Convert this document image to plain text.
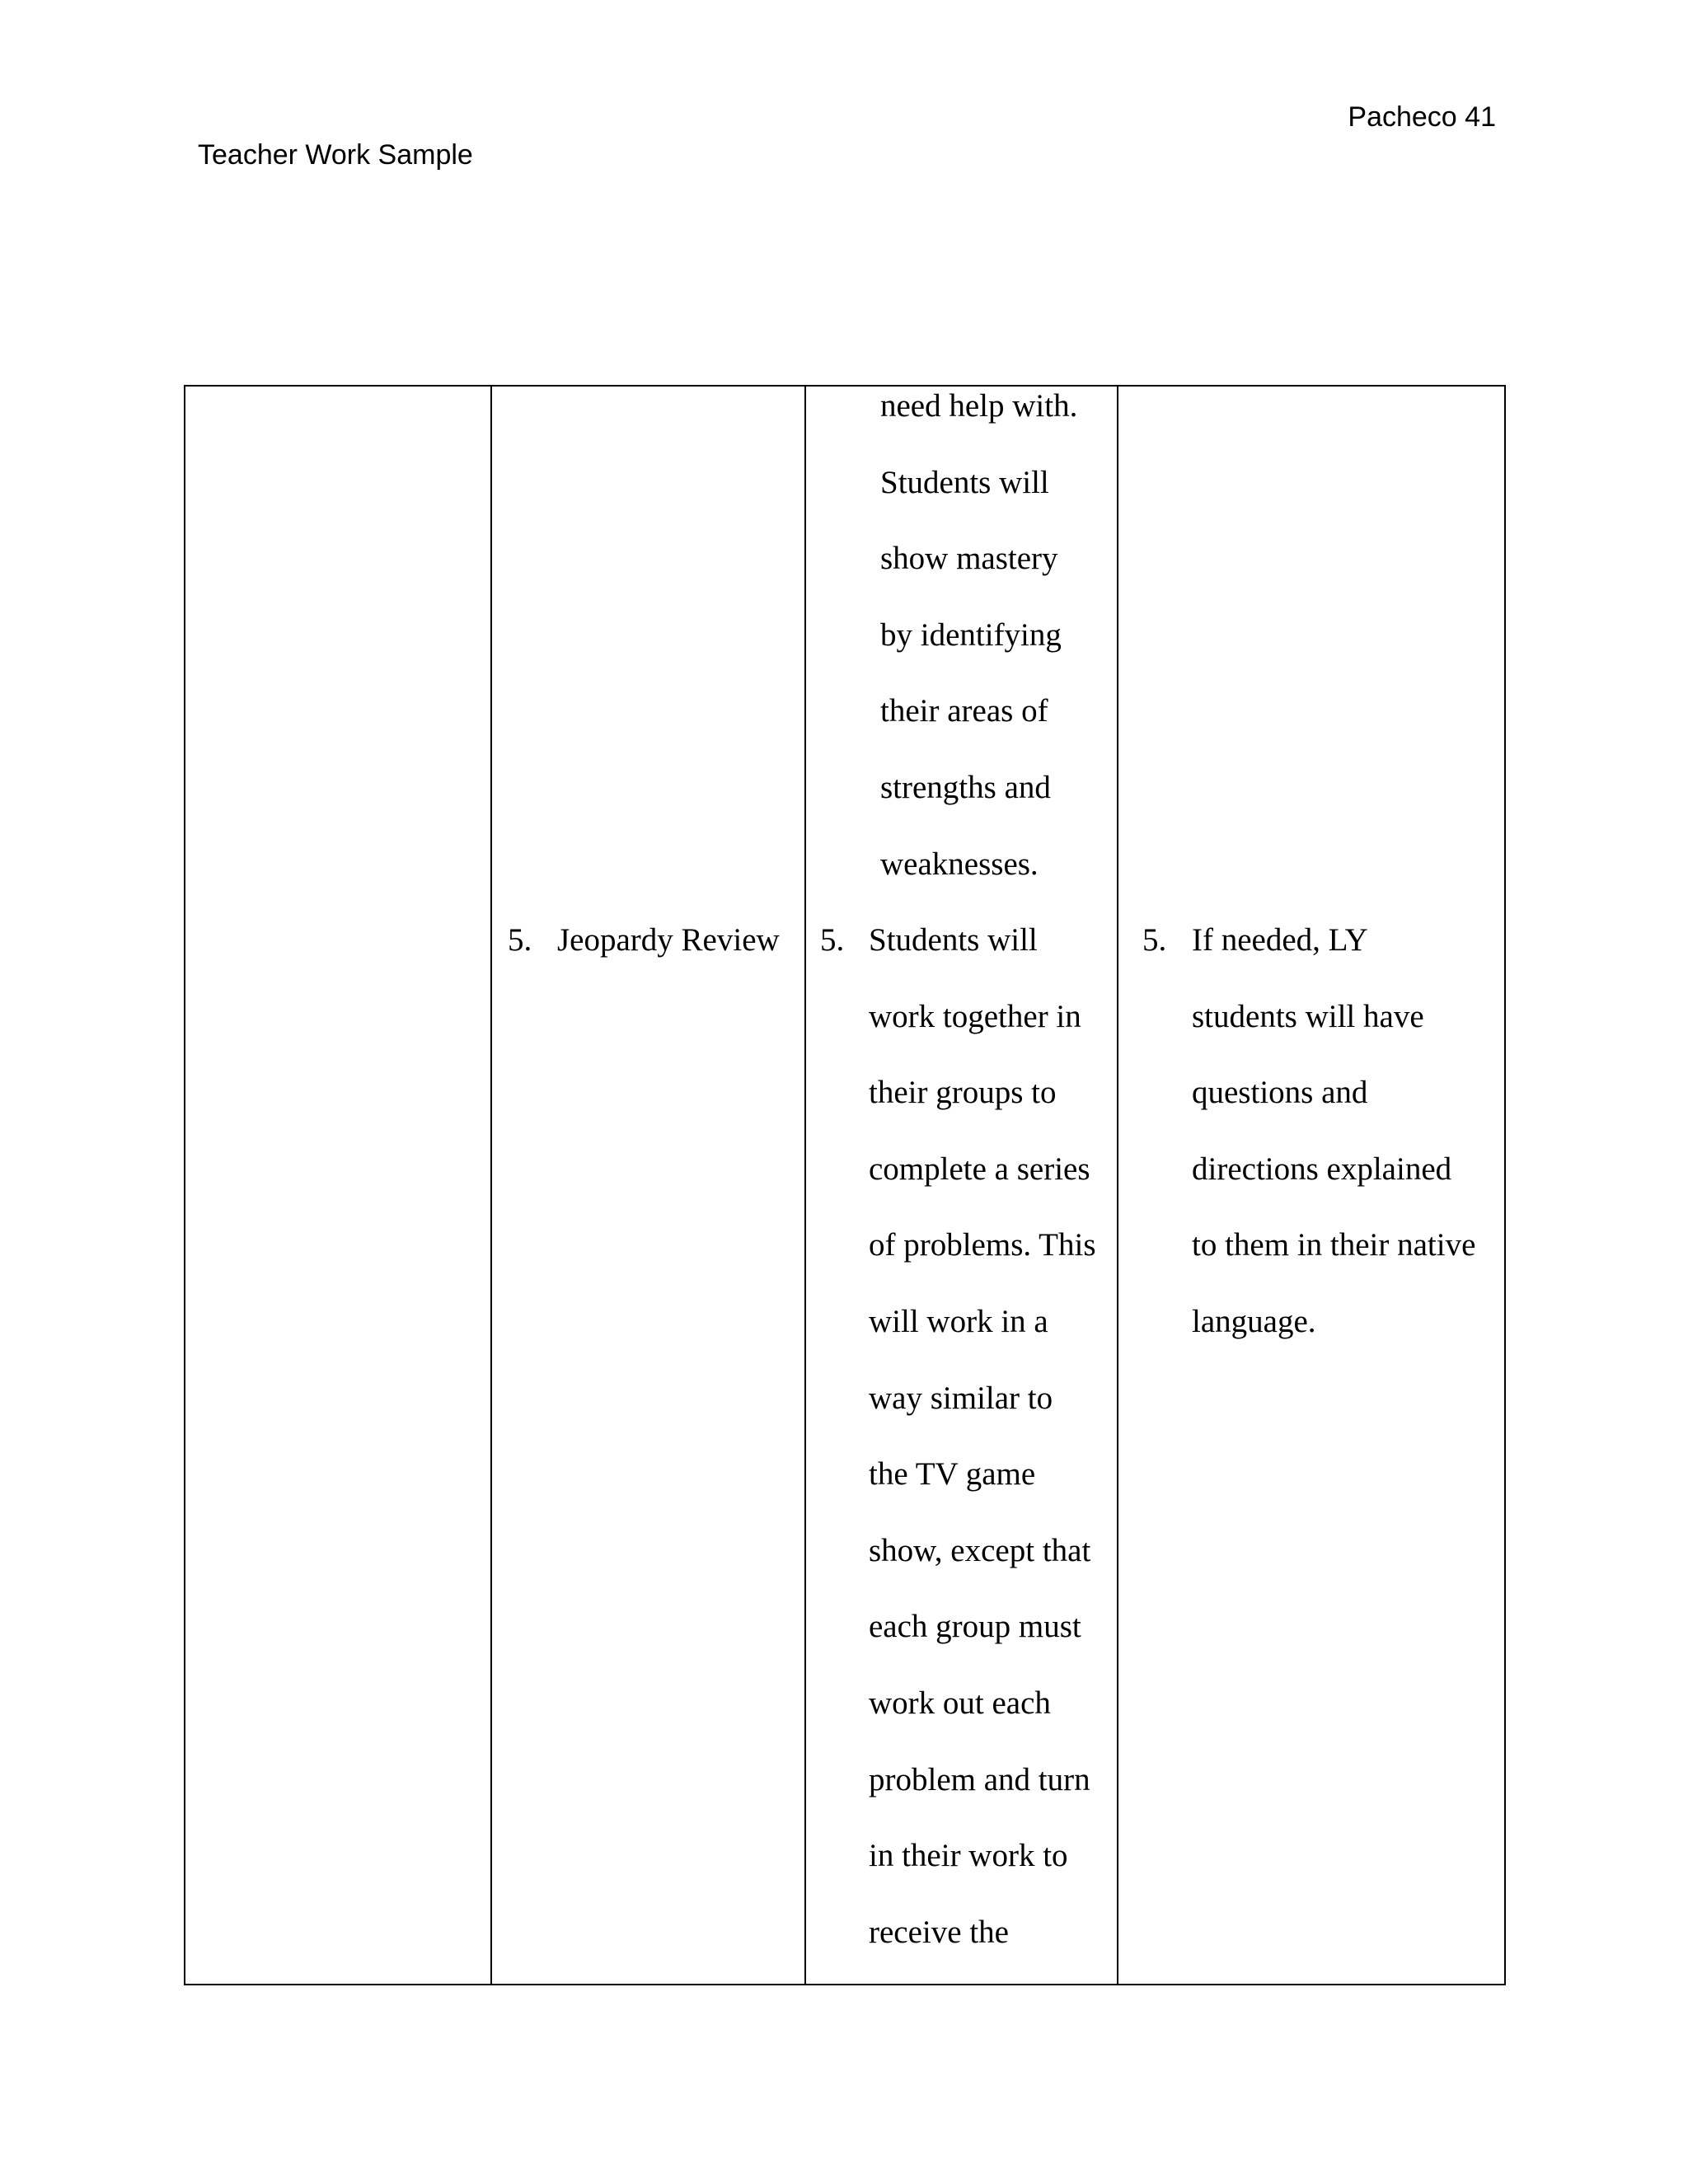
Teacher Work Sample
Pacheco 41
need help with.
Students will
show mastery
by identifying
their areas of
strengths and
weaknesses.
5. Jeopardy Review 5. Students will
work together in
their groups to
complete a series
of problems. This
will work in a
way similar to
the TV game
show, except that
each group must
work out each
problem and turn
in their work to
receive the
5. If needed, LY
students will have
questions and
directions explained
to them in their native
language.
